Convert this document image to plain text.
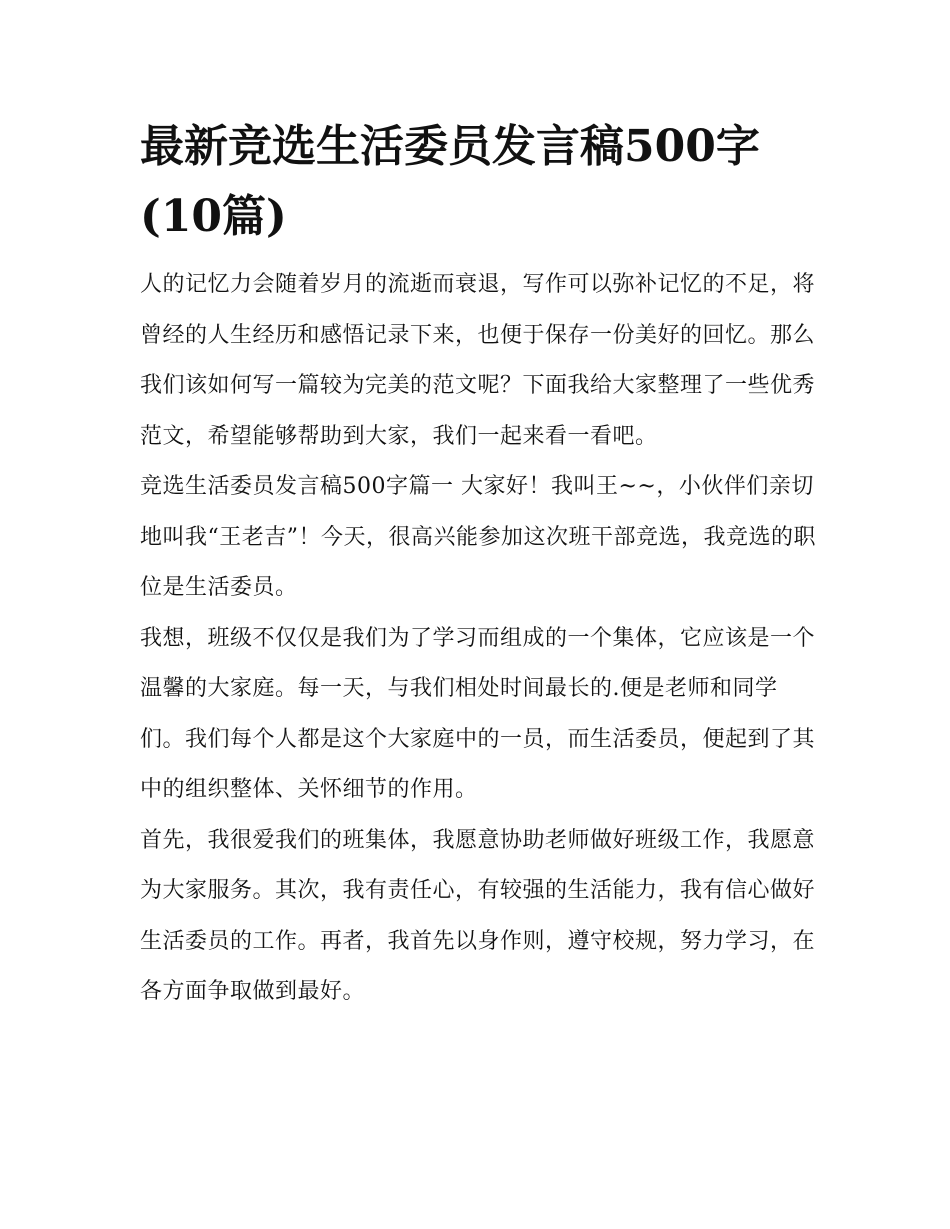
最新竞选生活委员发言稿500字(10篇)

人的记忆力会随着岁月的流逝而衰退，写作可以弥补记忆的不足，将曾经的人生经历和感悟记录下来，也便于保存一份美好的回忆。那么我们该如何写一篇较为完美的范文呢？下面我给大家整理了一些优秀范文，希望能够帮助到大家，我们一起来看一看吧。

竞选生活委员发言稿500字篇一 大家好！我叫王~~，小伙伴们亲切地叫我“王老吉”！今天，很高兴能参加这次班干部竞选，我竞选的职位是生活委员。

我想，班级不仅仅是我们为了学习而组成的一个集体，它应该是一个温馨的大家庭。每一天，与我们相处时间最长的.便是老师和同学们。我们每个人都是这个大家庭中的一员，而生活委员，便起到了其中的组织整体、关怀细节的作用。

首先，我很爱我们的班集体，我愿意协助老师做好班级工作，我愿意为大家服务。其次，我有责任心，有较强的生活能力，我有信心做好生活委员的工作。再者，我首先以身作则，遵守校规，努力学习，在各方面争取做到最好。
